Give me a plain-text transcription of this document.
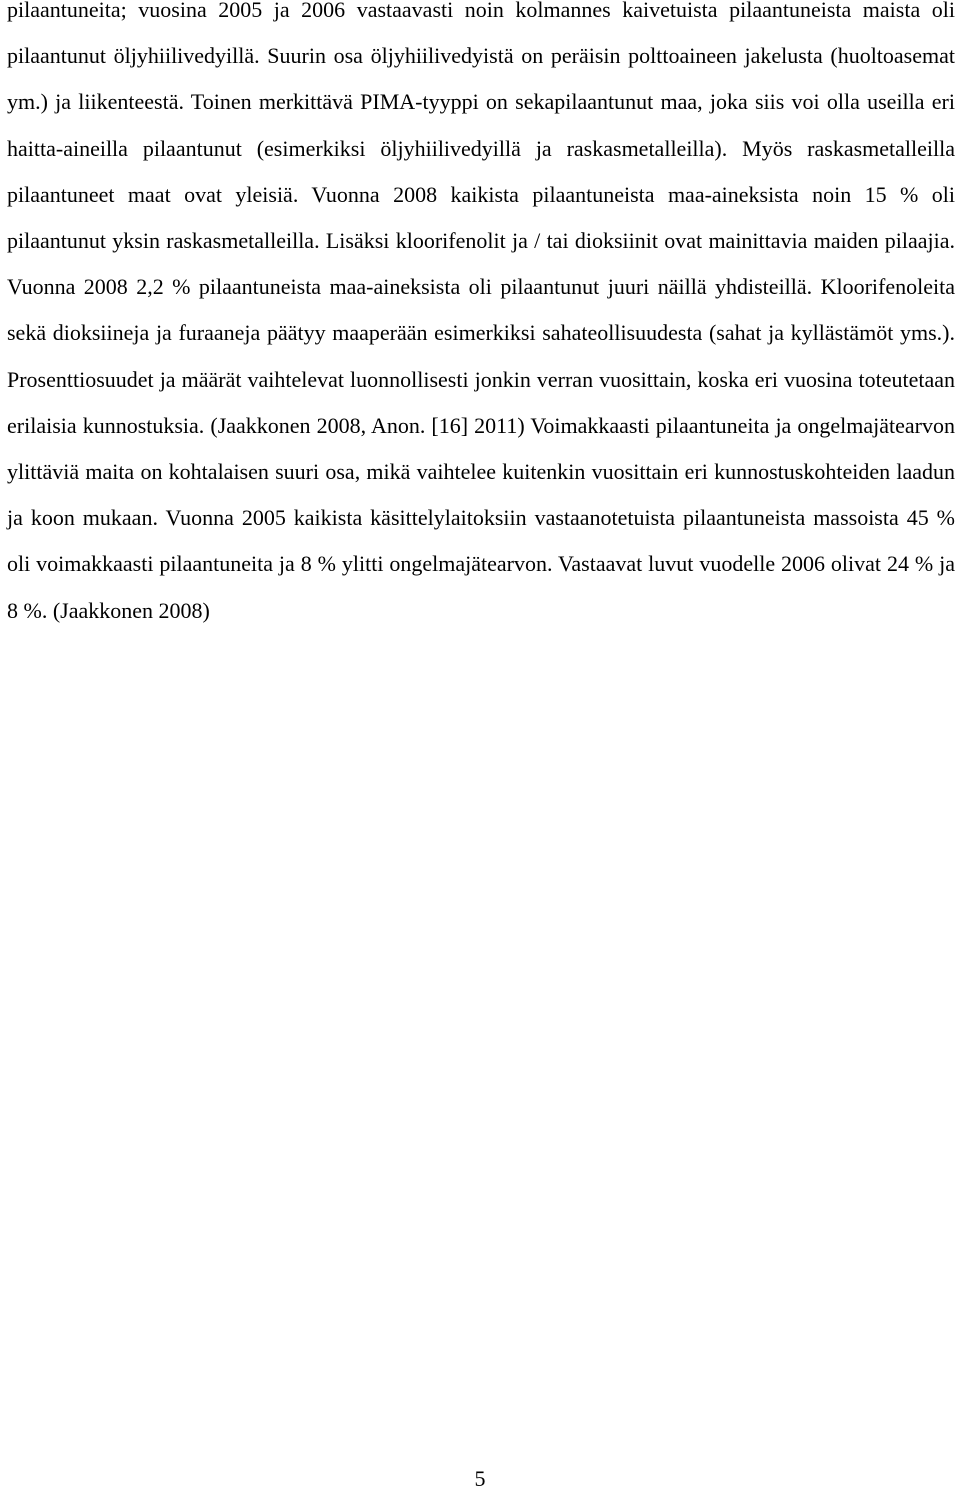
pilaantuneita; vuosina 2005 ja 2006 vastaavasti noin kolmannes kaivetuista pilaantuneista maista oli pilaantunut öljyhiilivedyillä. Suurin osa öljyhiilivedyistä on peräisin polttoaineen jakelusta (huoltoasemat ym.) ja liikenteestä. Toinen merkittävä PIMA-tyyppi on sekapilaantunut maa, joka siis voi olla useilla eri haitta-aineilla pilaantunut (esimerkiksi öljyhiilivedyillä ja raskasmetalleilla). Myös raskasmetalleilla pilaantuneet maat ovat yleisiä. Vuonna 2008 kaikista pilaantuneista maa-aineksista noin 15 % oli pilaantunut yksin raskasmetalleilla. Lisäksi kloorifenolit ja / tai dioksiinit ovat mainittavia maiden pilaajia. Vuonna 2008 2,2 % pilaantuneista maa-aineksista oli pilaantunut juuri näillä yhdisteillä. Kloorifenoleita sekä dioksiineja ja furaaneja päätyy maaperään esimerkiksi sahateollisuudesta (sahat ja kyllästämöt yms.). Prosenttiosuudet ja määrät vaihtelevat luonnollisesti jonkin verran vuosittain, koska eri vuosina toteutetaan erilaisia kunnostuksia. (Jaakkonen 2008, Anon. [16] 2011) Voimakkaasti pilaantuneita ja ongelmajätearvon ylittäviä maita on kohtalaisen suuri osa, mikä vaihtelee kuitenkin vuosittain eri kunnostuskohteiden laadun ja koon mukaan. Vuonna 2005 kaikista käsittelylaitoksiin vastaanotetuista pilaantuneista massoista 45 % oli voimakkaasti pilaantuneita ja 8 % ylitti ongelmajätearvon. Vastaavat luvut vuodelle 2006 olivat 24 % ja 8 %. (Jaakkonen 2008)

5
